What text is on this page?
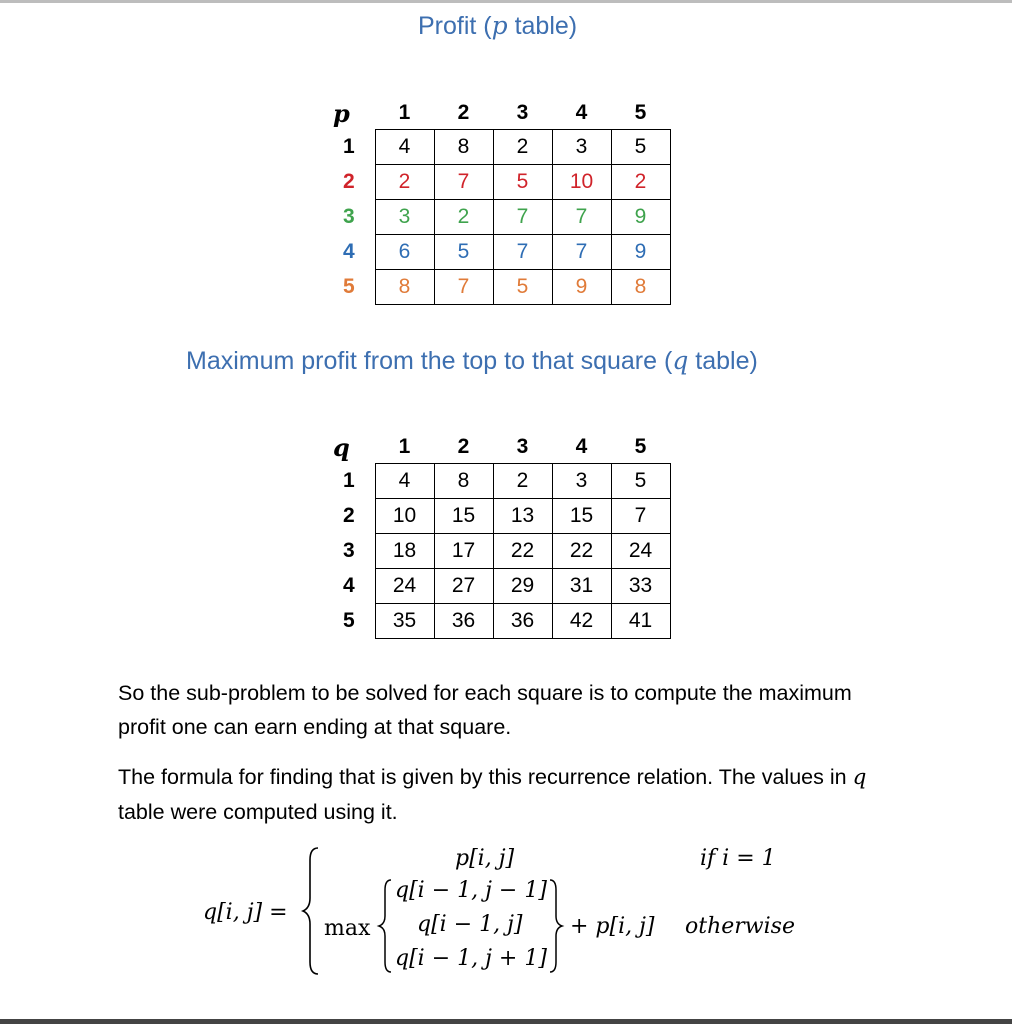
Profit (p table)
p	1	2	3	4	5
1	4	8	2	3	5
2	2	7	5	10	2
3	3	2	7	7	9
4	6	5	7	7	9
5	8	7	5	9	8
Maximum profit from the top to that square (q table)
q	1	2	3	4	5
1	4	8	2	3	5
2	10	15	13	15	7
3	18	17	22	22	24
4	24	27	29	31	33
5	35	36	36	42	41
So the sub-problem to be solved for each square is to compute the maximum profit one can earn ending at that square.
The formula for finding that is given by this recurrence relation. The values in q table were computed using it.
q[i, j] =
p[i, j]	if i = 1
max
q[i − 1, j − 1]
q[i − 1, j]
q[i − 1, j + 1]
+ p[i, j] otherwise
